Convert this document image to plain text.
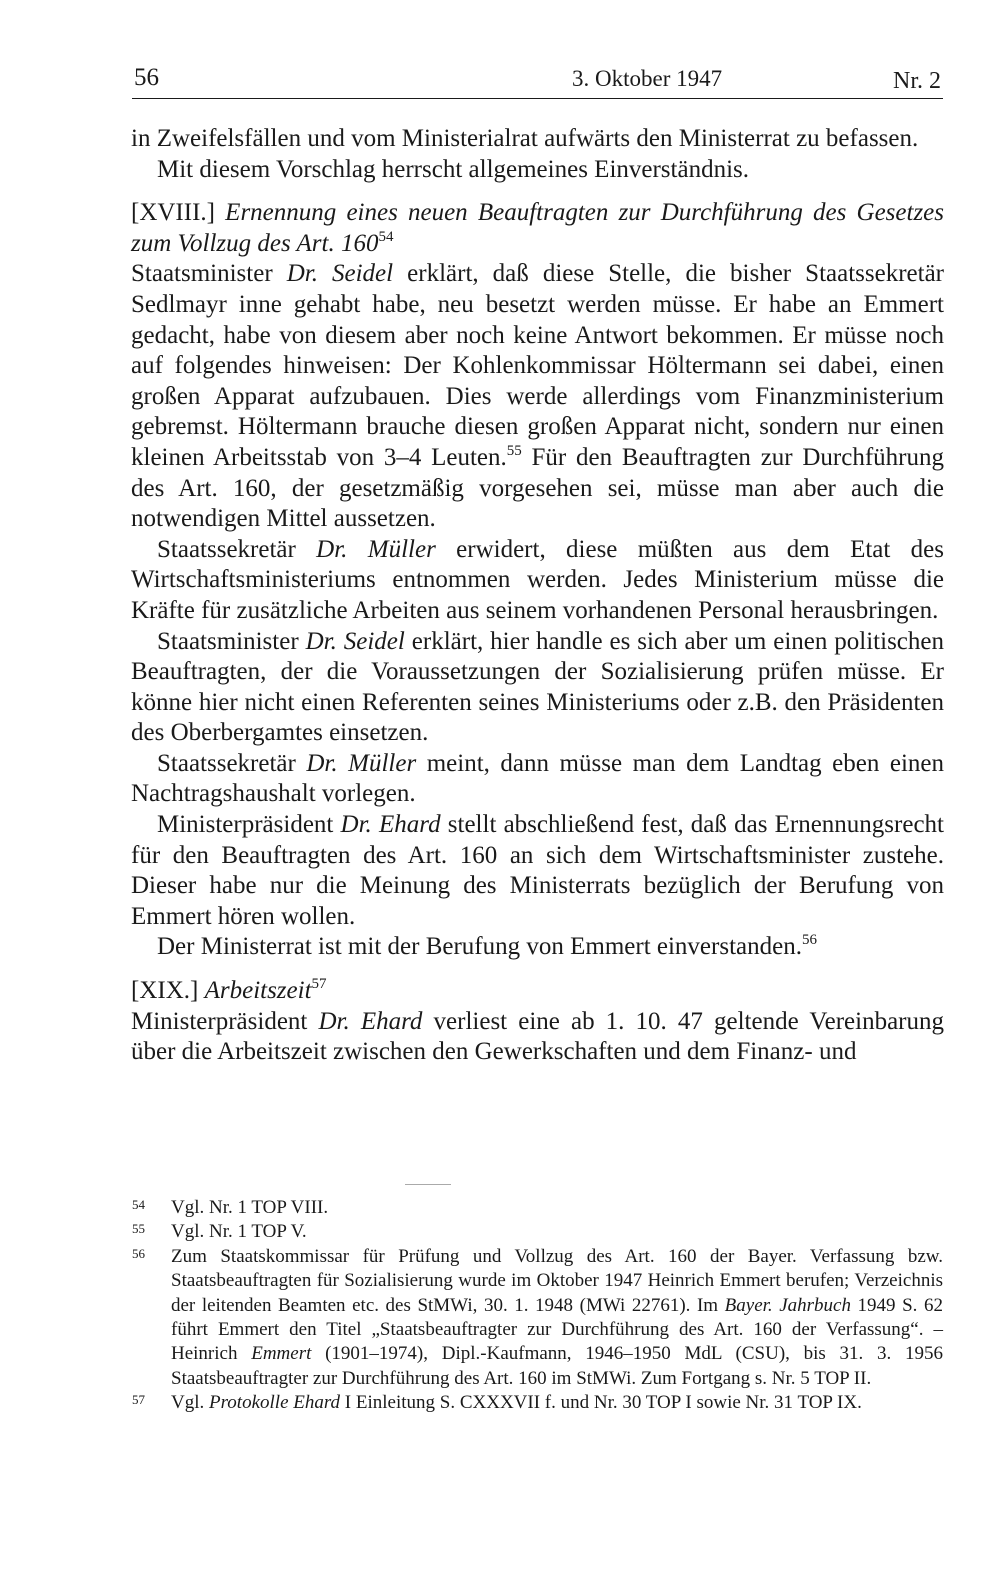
56	3. Oktober 1947	Nr. 2

in Zweifelsfällen und vom Ministerialrat aufwärts den Ministerrat zu befassen.

Mit diesem Vorschlag herrscht allgemeines Einverständnis.

[XVIII.] Ernennung eines neuen Beauftragten zur Durchführung des Gesetzes zum Vollzug des Art. $160^{54}$

Staatsminister Dr. Seidel erklärt, daß diese Stelle, die bisher Staatssekretär Sedlmayr inne gehabt habe, neu besetzt werden müsse. Er habe an Emmert gedacht, habe von diesem aber noch keine Antwort bekommen. Er müsse noch auf folgendes hinweisen: Der Kohlenkommissar Höltermann sei dabei, einen großen Apparat aufzubauen. Dies werde allerdings vom Finanzministerium gebremst. Höltermann brauche diesen großen Apparat nicht, sondern nur einen kleinen Arbeitsstab von 3–4 Leuten.$^{55}$ Für den Beauftragten zur Durchführung des Art. 160, der gesetzmäßig vorgesehen sei, müsse man aber auch die notwendigen Mittel aussetzen.

Staatssekretär Dr. Müller erwidert, diese müßten aus dem Etat des Wirtschaftsministeriums entnommen werden. Jedes Ministerium müsse die Kräfte für zusätzliche Arbeiten aus seinem vorhandenen Personal herausbringen.

Staatsminister Dr. Seidel erklärt, hier handle es sich aber um einen politischen Beauftragten, der die Voraussetzungen der Sozialisierung prüfen müsse. Er könne hier nicht einen Referenten seines Ministeriums oder z.B. den Präsidenten des Oberbergamtes einsetzen.

Staatssekretär Dr. Müller meint, dann müsse man dem Landtag eben einen Nachtragshaushalt vorlegen.

Ministerpräsident Dr. Ehard stellt abschließend fest, daß das Ernennungsrecht für den Beauftragten des Art. 160 an sich dem Wirtschaftsminister zustehe. Dieser habe nur die Meinung des Ministerrats bezüglich der Berufung von Emmert hören wollen.

Der Ministerrat ist mit der Berufung von Emmert einverstanden.$^{56}$

[XIX.] Arbeitszeit$^{57}$

Ministerpräsident Dr. Ehard verliest eine ab 1. 10. 47 geltende Vereinbarung über die Arbeitszeit zwischen den Gewerkschaften und dem Finanz- und

54 Vgl. Nr. 1 TOP VIII.
55 Vgl. Nr. 1 TOP V.
56 Zum Staatskommissar für Prüfung und Vollzug des Art. 160 der Bayer. Verfassung bzw. Staatsbeauftragten für Sozialisierung wurde im Oktober 1947 Heinrich Emmert berufen; Verzeichnis der leitenden Beamten etc. des StMWi, 30. 1. 1948 (MWi 22761). Im Bayer. Jahrbuch 1949 S. 62 führt Emmert den Titel „Staatsbeauftragter zur Durchführung des Art. 160 der Verfassung“. – Heinrich Emmert (1901–1974), Dipl.-Kaufmann, 1946–1950 MdL (CSU), bis 31. 3. 1956 Staatsbeauftragter zur Durchführung des Art. 160 im StMWi. Zum Fortgang s. Nr. 5 TOP II.
57 Vgl. Protokolle Ehard I Einleitung S. CXXXVII f. und Nr. 30 TOP I sowie Nr. 31 TOP IX.
